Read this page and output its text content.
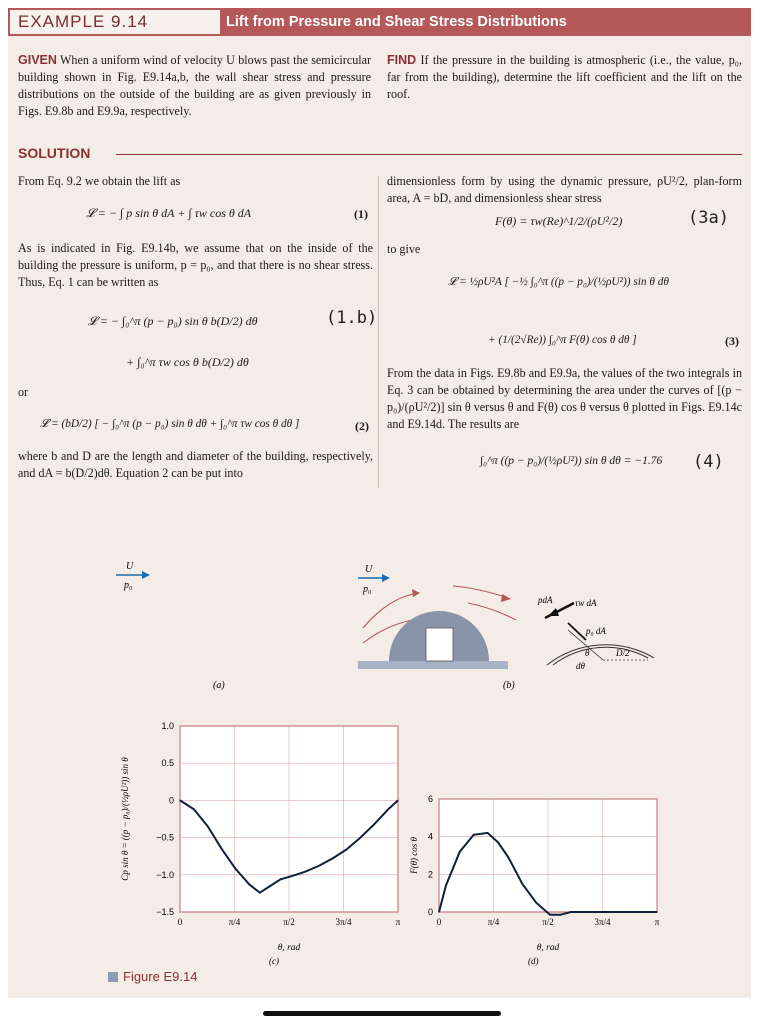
EXAMPLE 9.14	Lift from Pressure and Shear Stress Distributions
GIVEN When a uniform wind of velocity U blows past the semicircular building shown in Fig. E9.14a,b, the wall shear stress and pressure distributions on the outside of the building are as given previously in Figs. E9.8b and E9.9a, respectively.
FIND If the pressure in the building is atmospheric (i.e., the value, p₀, far from the building), determine the lift coefficient and the lift on the roof.
SOLUTION
From Eq. 9.2 we obtain the lift as
𝓛 = − ∫ p sin θ dA + ∫ τw cos θ dA	(1)
As is indicated in Fig. E9.14b, we assume that on the inside of the building the pressure is uniform, p = p₀, and that there is no shear stress. Thus, Eq. 1 can be written as
𝓛 = − ∫₀^π (p − p₀) sin θ b(D/2) dθ	(1.b)
+ ∫₀^π τw cos θ b(D/2) dθ
or
𝓛 = (bD/2) [ − ∫₀^π (p − p₀) sin θ dθ + ∫₀^π τw cos θ dθ ]	(2)
where b and D are the length and diameter of the building, respectively, and dA = b(D/2)dθ. Equation 2 can be put into
dimensionless form by using the dynamic pressure, ρU²/2, plan-form area, A = bD, and dimensionless shear stress
F(θ) = τw(Re)^1/2/(ρU²/2)	(3a)
to give
𝓛 = ½ρU²A [ −½ ∫₀^π ((p − p₀)/(½ρU²)) sin θ dθ
+ (1/(2√Re)) ∫₀^π F(θ) cos θ dθ ]	(3)
From the data in Figs. E9.8b and E9.9a, the values of the two integrals in Eq. 3 can be obtained by determining the area under the curves of [(p − p₀)/(ρU²/2)] sin θ versus θ and F(θ) cos θ versus θ plotted in Figs. E9.14c and E9.14d. The results are
∫₀^π ((p − p₀)/(½ρU²)) sin θ dθ = −1.76 (4)
U
p₀
(a)
U
p₀
(b)
pdA	τw dA
p₀ dA
θ
dθ
D/2
1.0
0.5
0
−0.5
−1.0
−1.5
0	π/4	π/2	3π/4	π
θ, rad
Cp sin θ = ((p − p₀)/(½ρU²)) sin θ
(c)
6
4
2
0
0	π/4	π/2	3π/4	π
θ, rad
F(θ) cos θ
(d)
Figure E9.14
